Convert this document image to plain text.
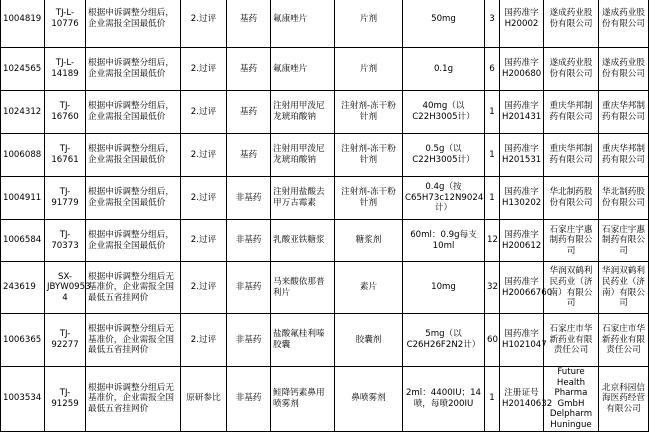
1004819	TJ-L-10776	根据申诉调整分组后，企业需报全国最低价	2.过评	基药	氟康唑片	片剂	50mg	3	国药准字H20002	遂成药业股份有限公司	遂成药业股份有限公司
1024565	TJ-L-14189	根据申诉调整分组后，企业需报全国最低价	2.过评	基药	氟康唑片	片剂	0.1g	6	国药准字H200680	遂成药业股份有限公司	遂成药业股份有限公司
1024312	TJ-16760	根据申诉调整分组后，企业需报全国最低价	2.过评	基药	注射用甲泼尼龙琥珀酸钠	注射剂-冻干粉针剂	40mg（以C22H3005计）	1	国药准字H201431	重庆华邦制药有限公司	重庆华邦制药有限公司
1006088	TJ-16761	根据申诉调整分组后，企业需报全国最低价	2.过评	基药	注射用甲泼尼龙琥珀酸钠	注射剂-冻干粉针剂	0.5g（以C22H3005计）	1	国药准字H201531	重庆华邦制药有限公司	重庆华邦制药有限公司
1004911	TJ-91779	根据申诉调整分组后，企业需报全国最低价	2.过评	非基药	注射用盐酸去甲万古霉素	注射剂-冻干粉针剂	0.4g（按C65H73c12N9024计）	1	国药准字H130202	华北制药股份有限公司	华北制药股份有限公司
1006584	TJ-70373	根据申诉调整分组后，企业需报全国最低价	2.过评	非基药	乳酸亚铁糖浆	糖浆剂	60ml：0.9g每支10ml	12	国药准字H200612	石家庄宇惠制药有限公司	石家庄宇惠制药有限公司
243619	SX-JBYW0953 4	根据申诉调整分组后无基准价，企业需报全国最低五省挂网价	2.过评	非基药	马来酸依那普利片	素片	10mg	32	国药准字H20066760	华润双鹤利民药业（济南）有限公司	华润双鹤利民药业（济南）有限公司
1006365	TJ-92277	根据申诉调整分组后无基准价，企业需报全国最低五省挂网价	2.过评	非基药	盐酸氟桂利嗪胶囊	胶囊剂	5mg（以C26H26F2N2计）	60	国药准字H1021047	石家庄市华新药业有限责任公司	石家庄市华新药业有限责任公司
1003534	TJ-91259	根据申诉调整分组后无基准价，企业需报全国最低五省挂网价	原研参比	非基药	鲑降钙素鼻用喷雾剂	鼻喷雾剂	2ml：4400IU；14喷，每喷200IU	1	注册证号H20140632	Future Health Pharma GmbH Delpharm Huningue	北京科园信海医药经营有限公司
